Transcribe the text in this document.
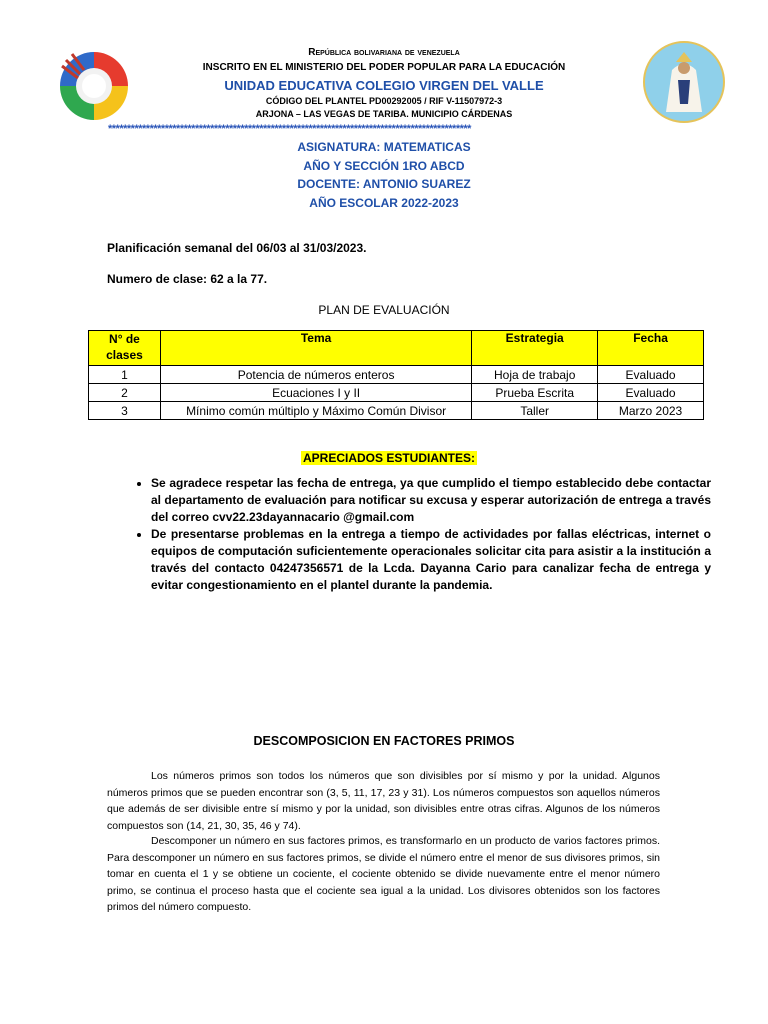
República bolivariana de venezuela
INSCRITO EN EL MINISTERIO DEL PODER POPULAR PARA LA EDUCACIÓN
UNIDAD EDUCATIVA COLEGIO VIRGEN DEL VALLE
CÓDIGO DEL PLANTEL PD00292005 / RIF V-11507972-3
ARJONA – LAS VEGAS DE TARIBA. MUNICIPIO CÁRDENAS
************************************************************************************************
ASIGNATURA: MATEMATICAS
AÑO Y SECCIÓN 1RO ABCD
DOCENTE: ANTONIO SUAREZ
AÑO ESCOLAR 2022-2023
Planificación semanal del 06/03 al 31/03/2023.
Numero de clase: 62 a la 77.
PLAN DE EVALUACIÓN
N° de clases	Tema	Estrategia	Fecha
1	Potencia de números enteros	Hoja de trabajo	Evaluado
2	Ecuaciones I y II	Prueba Escrita	Evaluado
3	Mínimo común múltiplo y Máximo Común Divisor	Taller	Marzo 2023
APRECIADOS ESTUDIANTES:
• Se agradece respetar las fecha de entrega, ya que cumplido el tiempo establecido debe contactar al departamento de evaluación para notificar su excusa y esperar autorización de entrega a través del correo cvv22.23dayannacario @gmail.com
• De presentarse problemas en la entrega a tiempo de actividades por fallas eléctricas, internet o equipos de computación suficientemente operacionales solicitar cita para asistir a la institución a través del contacto 04247356571 de la Lcda. Dayanna Cario para canalizar fecha de entrega y evitar congestionamiento en el plantel durante la pandemia.
DESCOMPOSICION EN FACTORES PRIMOS
Los números primos son todos los números que son divisibles por sí mismo y por la unidad. Algunos números primos que se pueden encontrar son (3, 5, 11, 17, 23 y 31). Los números compuestos son aquellos números que además de ser divisible entre sí mismo y por la unidad, son divisibles entre otras cifras. Algunos de los números compuestos son (14, 21, 30, 35, 46 y 74).
Descomponer un número en sus factores primos, es transformarlo en un producto de varios factores primos. Para descomponer un número en sus factores primos, se divide el número entre el menor de sus divisores primos, sin tomar en cuenta el 1 y se obtiene un cociente, el cociente obtenido se divide nuevamente entre el menor número primo, se continua el proceso hasta que el cociente sea igual a la unidad. Los divisores obtenidos son los factores primos del número compuesto.
